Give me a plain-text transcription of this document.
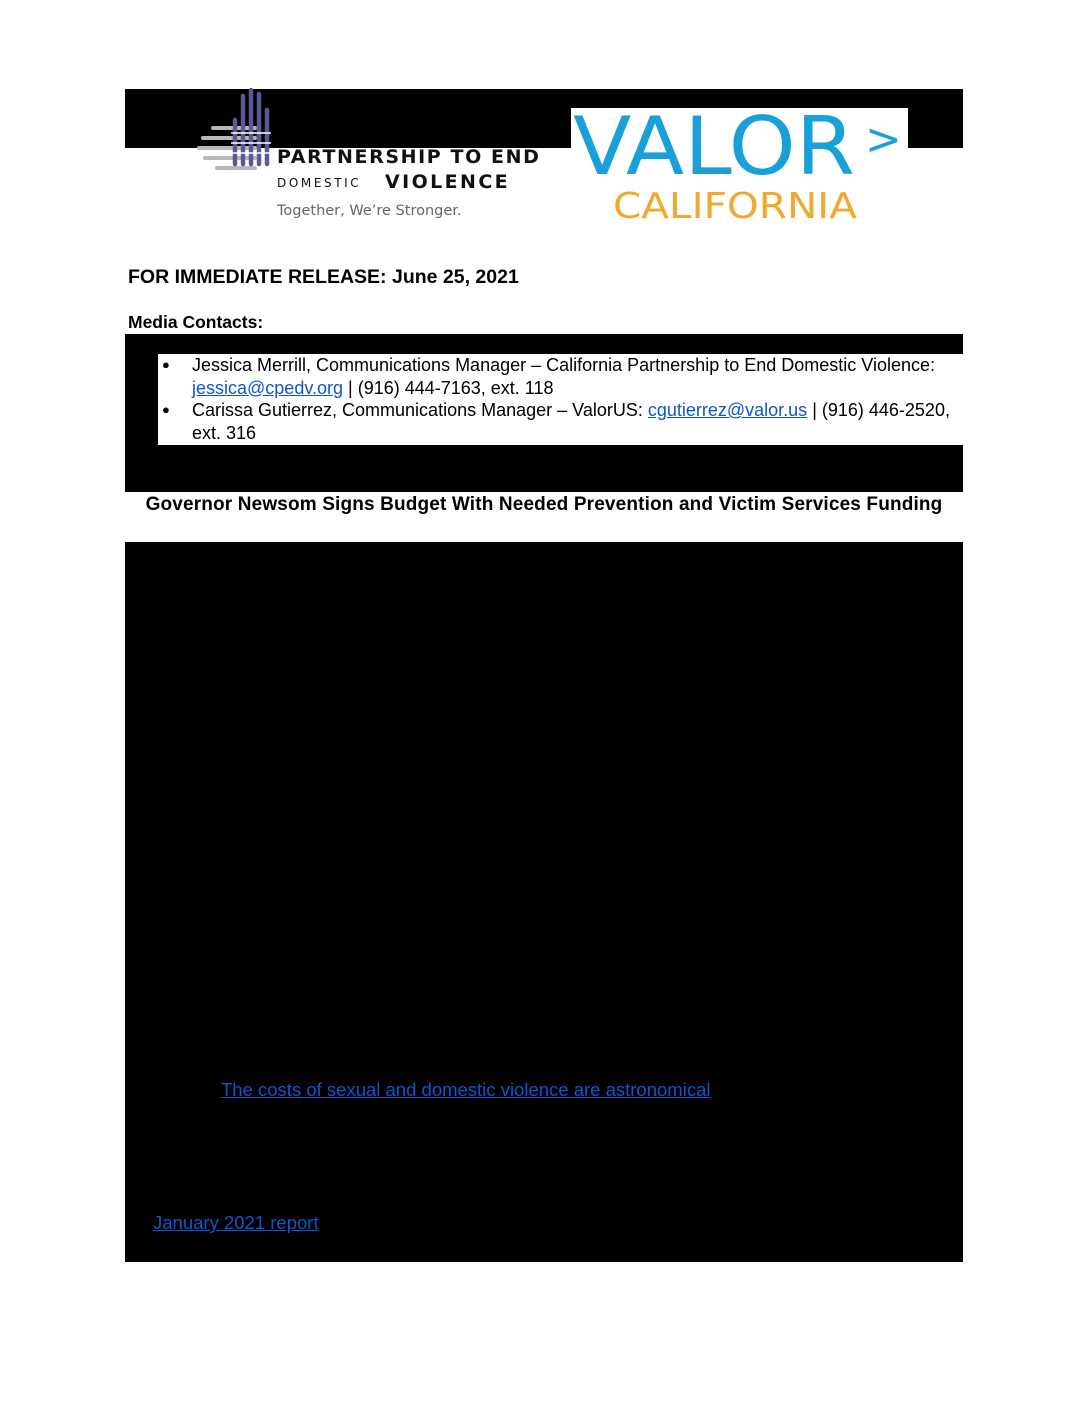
PARTNERSHIP TO END
DOMESTIC VIOLENCE
Together, We’re Stronger.
VALOR >
CALIFORNIA
FOR IMMEDIATE RELEASE: June 25, 2021
Media Contacts:
● Jessica Merrill, Communications Manager – California Partnership to End Domestic Violence: jessica@cpedv.org | (916) 444-7163, ext. 118
● Carissa Gutierrez, Communications Manager – ValorUS: cgutierrez@valor.us | (916) 446-2520, ext. 316
Governor Newsom Signs Budget With Needed Prevention and Victim Services Funding
The costs of sexual and domestic violence are astronomical
January 2021 report
